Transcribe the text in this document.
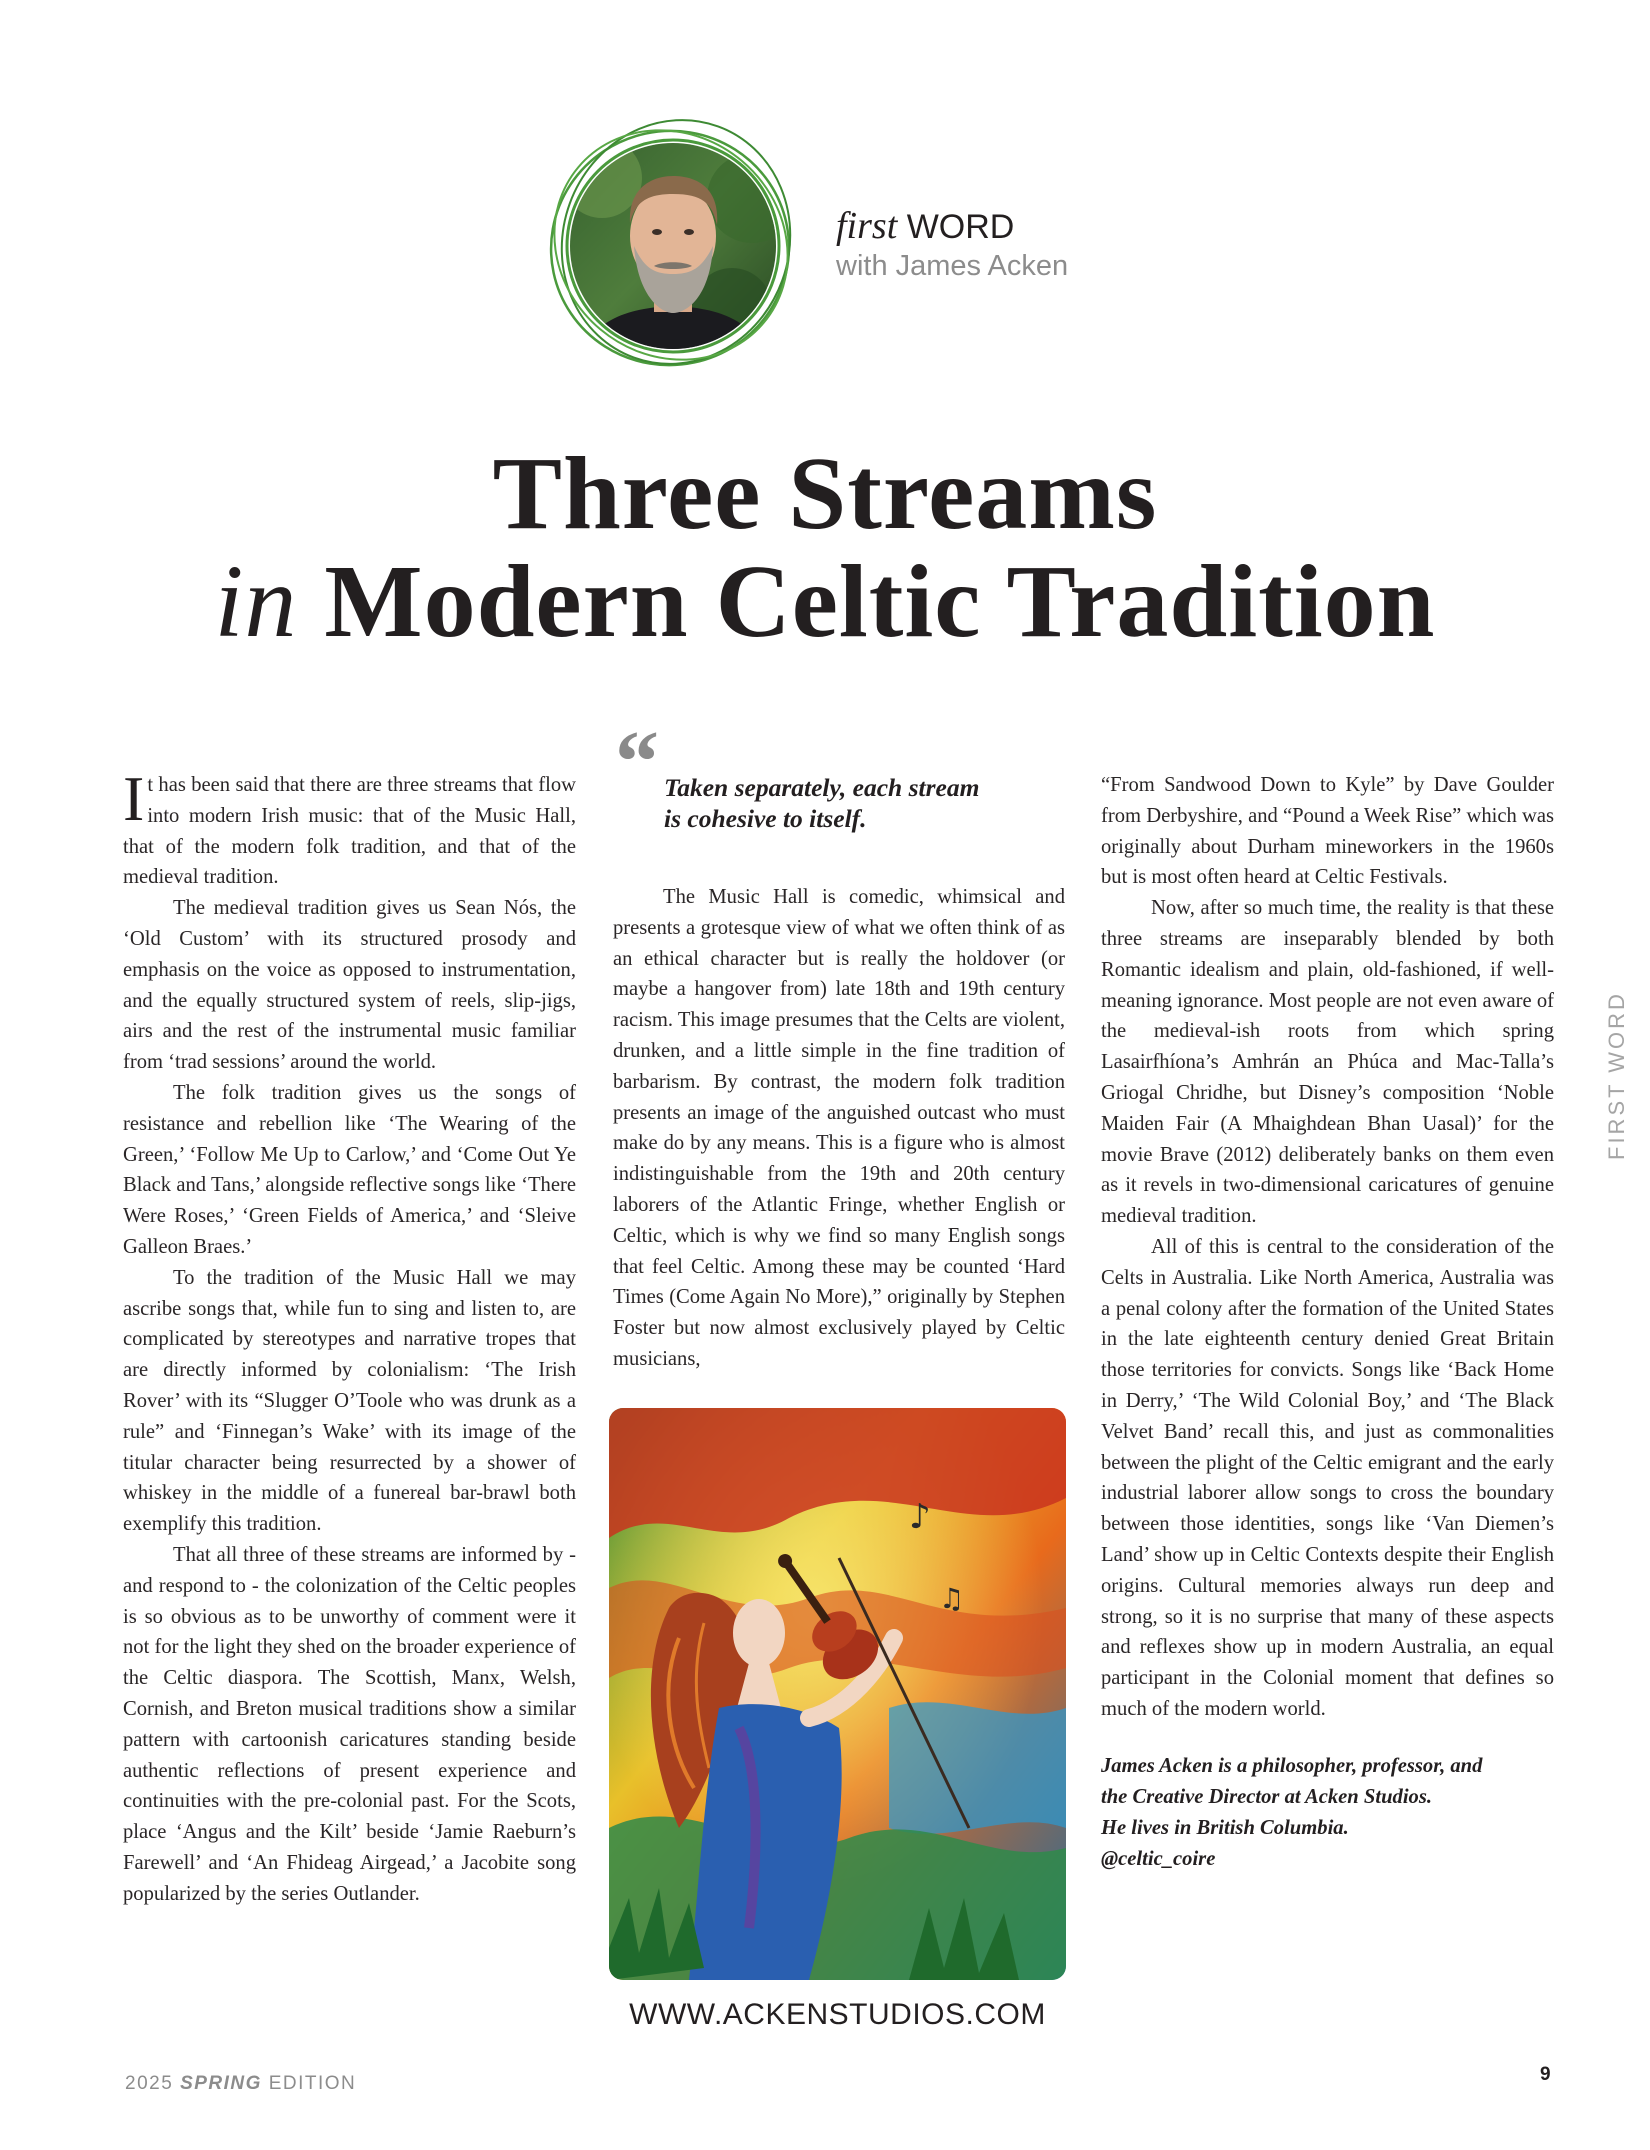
first WORD
with James Acken
Three Streams
in Modern Celtic Tradition

It has been said that there are three streams that flow into modern Irish music: that of the Music Hall, that of the modern folk tradition, and that of the medieval tradition.

The medieval tradition gives us Sean Nós, the ‘Old Custom’ with its structured prosody and emphasis on the voice as opposed to instrumentation, and the equally structured system of reels, slip-jigs, airs and the rest of the instrumental music familiar from ‘trad sessions’ around the world.

The folk tradition gives us the songs of resistance and rebellion like ‘The Wearing of the Green,’ ‘Follow Me Up to Carlow,’ and ‘Come Out Ye Black and Tans,’ alongside reflective songs like ‘There Were Roses,’ ‘Green Fields of America,’ and ‘Sleive Galleon Braes.’

To the tradition of the Music Hall we may ascribe songs that, while fun to sing and listen to, are complicated by stereotypes and narrative tropes that are directly informed by colonialism: ‘The Irish Rover’ with its “Slugger O’Toole who was drunk as a rule” and ‘Finnegan’s Wake’ with its image of the titular character being resurrected by a shower of whiskey in the middle of a funereal bar-brawl both exemplify this tradition.

That all three of these streams are informed by - and respond to - the colonization of the Celtic peoples is so obvious as to be unworthy of comment were it not for the light they shed on the broader experience of the Celtic diaspora. The Scottish, Manx, Welsh, Cornish, and Breton musical traditions show a similar pattern with cartoonish caricatures standing beside authentic reflections of present experience and continuities with the pre-colonial past. For the Scots, place ‘Angus and the Kilt’ beside ‘Jamie Raeburn’s Farewell’ and ‘An Fhideag Airgead,’ a Jacobite song popularized by the series Outlander.

“ Taken separately, each stream
is cohesive to itself.

The Music Hall is comedic, whimsical and presents a grotesque view of what we often think of as an ethical character but is really the holdover (or maybe a hangover from) late 18th and 19th century racism. This image presumes that the Celts are violent, drunken, and a little simple in the fine tradition of barbarism. By contrast, the modern folk tradition presents an image of the anguished outcast who must make do by any means. This is a figure who is almost indistinguishable from the 19th and 20th century laborers of the Atlantic Fringe, whether English or Celtic, which is why we find so many English songs that feel Celtic. Among these may be counted ‘Hard Times (Come Again No More),” originally by Stephen Foster but now almost exclusively played by Celtic musicians,

“From Sandwood Down to Kyle” by Dave Goulder from Derbyshire, and “Pound a Week Rise” which was originally about Durham mineworkers in the 1960s but is most often heard at Celtic Festivals.

Now, after so much time, the reality is that these three streams are inseparably blended by both Romantic idealism and plain, old-fashioned, if well-meaning ignorance. Most people are not even aware of the medieval-ish roots from which spring Lasairfhíona’s Amhrán an Phúca and Mac-Talla’s Griogal Chridhe, but Disney’s composition ‘Noble Maiden Fair (A Mhaighdean Bhan Uasal)’ for the movie Brave (2012) deliberately banks on them even as it revels in two-dimensional caricatures of genuine medieval tradition.

All of this is central to the consideration of the Celts in Australia. Like North America, Australia was a penal colony after the formation of the United States in the late eighteenth century denied Great Britain those territories for convicts. Songs like ‘Back Home in Derry,’ ‘The Wild Colonial Boy,’ and ‘The Black Velvet Band’ recall this, and just as commonalities between the plight of the Celtic emigrant and the early industrial laborer allow songs to cross the boundary between those identities, songs like ‘Van Diemen’s Land’ show up in Celtic Contexts despite their English origins. Cultural memories always run deep and strong, so it is no surprise that many of these aspects and reflexes show up in modern Australia, an equal participant in the Colonial moment that defines so much of the modern world.

James Acken is a philosopher, professor, and
the Creative Director at Acken Studios.
He lives in British Columbia.
@celtic_coire
♪
♫
WWW.ACKENSTUDIOS.COM
FIRST WORD
2025 SPRING EDITION	9
